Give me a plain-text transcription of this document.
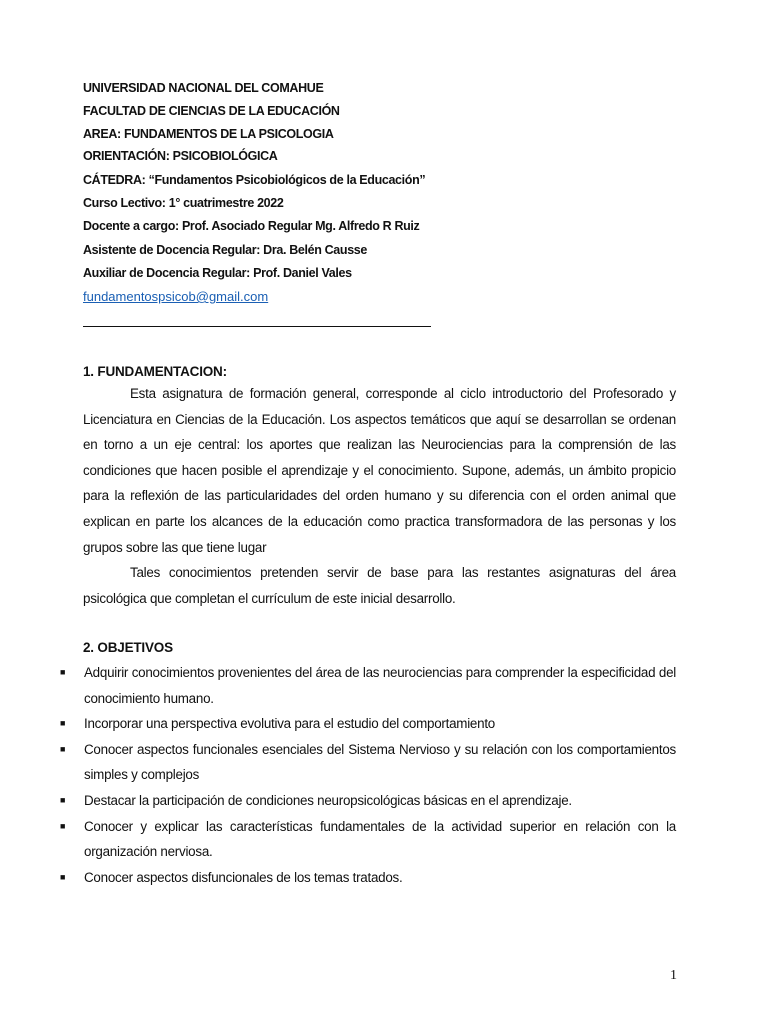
UNIVERSIDAD NACIONAL DEL COMAHUE
FACULTAD DE CIENCIAS DE LA EDUCACIÓN
AREA: FUNDAMENTOS DE LA PSICOLOGIA
ORIENTACIÓN: PSICOBIOLÓGICA
CÁTEDRA: “Fundamentos Psicobiológicos de la Educación”
Curso Lectivo: 1° cuatrimestre 2022
Docente a cargo: Prof. Asociado Regular Mg. Alfredo R Ruiz
Asistente de Docencia Regular: Dra. Belén Causse
Auxiliar de Docencia Regular: Prof. Daniel Vales
fundamentospsicob@gmail.com
1. FUNDAMENTACION:

Esta asignatura de formación general, corresponde al ciclo introductorio del Profesorado y Licenciatura en Ciencias de la Educación. Los aspectos temáticos que aquí se desarrollan se ordenan en torno a un eje central: los aportes que realizan las Neurociencias para la comprensión de las condiciones que hacen posible el aprendizaje y el conocimiento. Supone, además, un ámbito propicio para la reflexión de las particularidades del orden humano y su diferencia con el orden animal que explican en parte los alcances de la educación como practica transformadora de las personas y los grupos sobre las que tiene lugar

Tales conocimientos pretenden servir de base para las restantes asignaturas del área psicológica que completan el currículum de este inicial desarrollo.

2. OBJETIVOS
■ Adquirir conocimientos provenientes del área de las neurociencias para comprender la especificidad del conocimiento humano.
■ Incorporar una perspectiva evolutiva para el estudio del comportamiento
■ Conocer aspectos funcionales esenciales del Sistema Nervioso y su relación con los comportamientos simples y complejos
■ Destacar la participación de condiciones neuropsicológicas básicas en el aprendizaje.
■ Conocer y explicar las características fundamentales de la actividad superior en relación con la organización nerviosa.
■ Conocer aspectos disfuncionales de los temas tratados.
1
